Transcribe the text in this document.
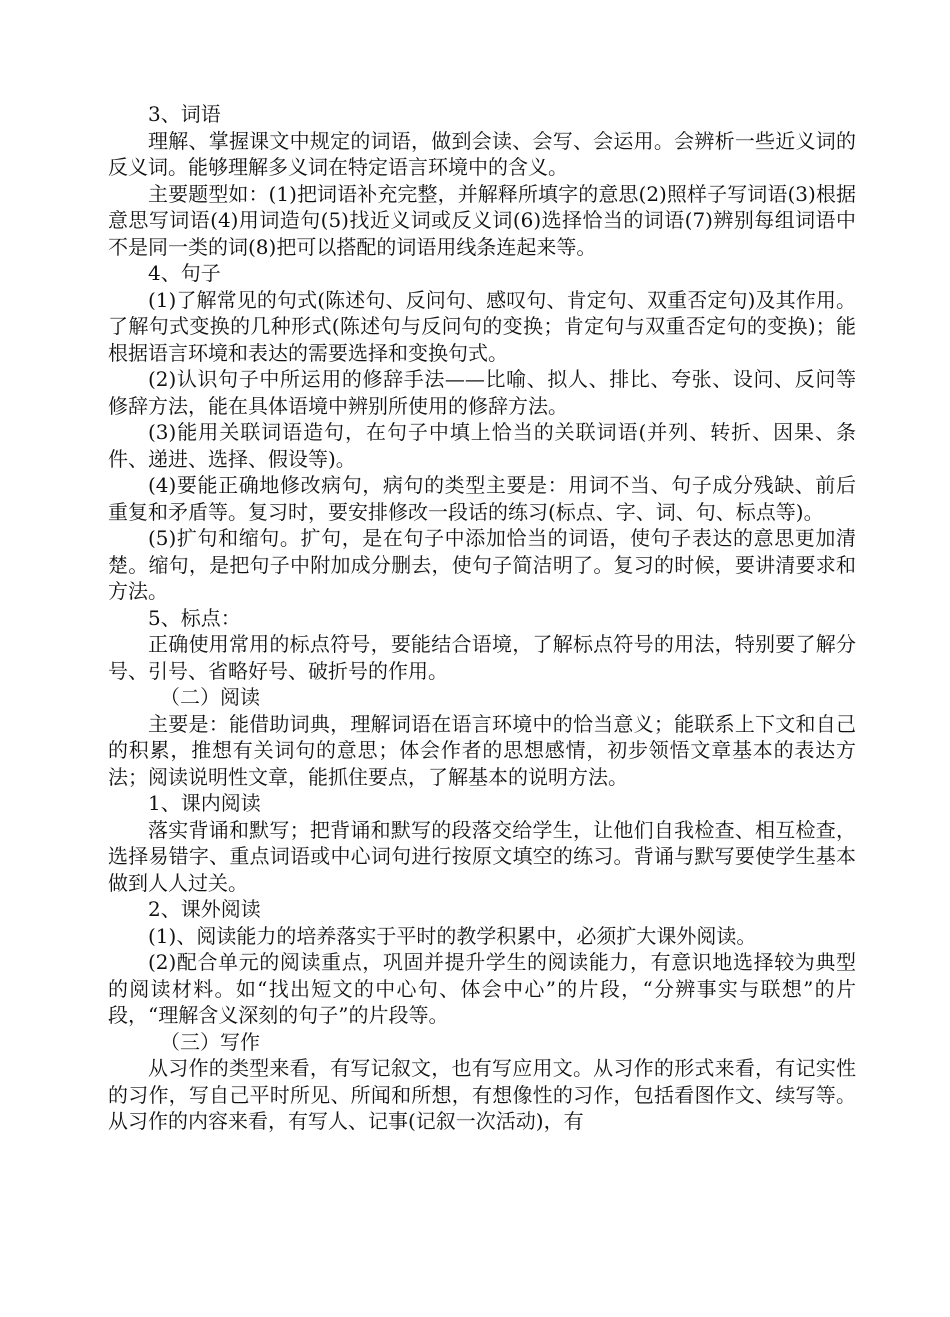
3、词语
理解、掌握课文中规定的词语，做到会读、会写、会运用。会辨析一些近义词的反义词。能够理解多义词在特定语言环境中的含义。
主要题型如：(1)把词语补充完整，并解释所填字的意思(2)照样子写词语(3)根据意思写词语(4)用词造句(5)找近义词或反义词(6)选择恰当的词语(7)辨别每组词语中不是同一类的词(8)把可以搭配的词语用线条连起来等。
4、句子
(1)了解常见的句式(陈述句、反问句、感叹句、肯定句、双重否定句)及其作用。了解句式变换的几种形式(陈述句与反问句的变换；肯定句与双重否定句的变换)；能根据语言环境和表达的需要选择和变换句式。
(2)认识句子中所运用的修辞手法——比喻、拟人、排比、夸张、设问、反问等修辞方法，能在具体语境中辨别所使用的修辞方法。
(3)能用关联词语造句，在句子中填上恰当的关联词语(并列、转折、因果、条件、递进、选择、假设等)。
(4)要能正确地修改病句，病句的类型主要是：用词不当、句子成分残缺、前后重复和矛盾等。复习时，要安排修改一段话的练习(标点、字、词、句、标点等)。
(5)扩句和缩句。扩句，是在句子中添加恰当的词语，使句子表达的意思更加清楚。缩句，是把句子中附加成分删去，使句子简洁明了。复习的时候，要讲清要求和方法。
5、标点：
正确使用常用的标点符号，要能结合语境，了解标点符号的用法，特别要了解分号、引号、省略好号、破折号的作用。
（二）阅读
主要是：能借助词典，理解词语在语言环境中的恰当意义；能联系上下文和自己的积累，推想有关词句的意思；体会作者的思想感情，初步领悟文章基本的表达方法；阅读说明性文章，能抓住要点，了解基本的说明方法。
1、课内阅读
落实背诵和默写；把背诵和默写的段落交给学生，让他们自我检查、相互检查，选择易错字、重点词语或中心词句进行按原文填空的练习。背诵与默写要使学生基本做到人人过关。
2、课外阅读
(1)、阅读能力的培养落实于平时的教学积累中，必须扩大课外阅读。
(2)配合单元的阅读重点，巩固并提升学生的阅读能力，有意识地选择较为典型的阅读材料。如“找出短文的中心句、体会中心”的片段，“分辨事实与联想”的片段，“理解含义深刻的句子”的片段等。
（三）写作
从习作的类型来看，有写记叙文，也有写应用文。从习作的形式来看，有记实性的习作，写自己平时所见、所闻和所想，有想像性的习作，包括看图作文、续写等。从习作的内容来看，有写人、记事(记叙一次活动)，有
